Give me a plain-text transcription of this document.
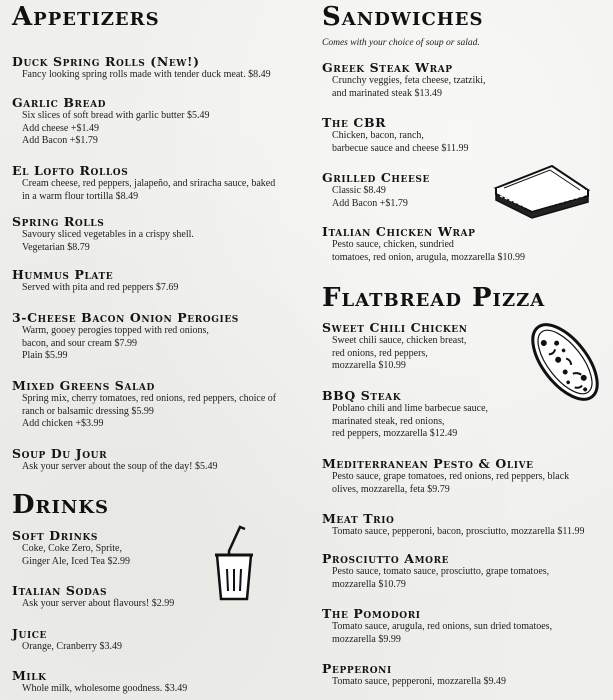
Appetizers
Duck Spring Rolls (New!)
Fancy looking spring rolls made with tender duck meat. $8.49
Garlic Bread
Six slices of soft bread with garlic butter $5.49
Add cheese +$1.49
Add Bacon +$1.79
El Lofto Rollos
Cream cheese, red peppers, jalapeño, and sriracha sauce, baked
in a warm flour tortilla $8.49
Spring Rolls
Savoury sliced vegetables in a crispy shell.
Vegetarian $8.79
Hummus Plate
Served with pita and red peppers $7.69
3-Cheese Bacon Onion Perogies
Warm, gooey perogies topped with red onions,
bacon, and sour cream $7.99
Plain $5.99
Mixed Greens Salad
Spring mix, cherry tomatoes, red onions, red peppers, choice of
ranch or balsamic dressing $5.99
Add chicken +$3.99
Soup Du Jour
Ask your server about the soup of the day! $5.49
Drinks
Soft Drinks
Coke, Coke Zero, Sprite,
Ginger Ale, Iced Tea $2.99
Italian Sodas
Ask your server about flavours! $2.99
Juice
Orange, Cranberry $3.49
Milk
Whole milk, wholesome goodness. $3.49
Sandwiches
Comes with your choice of soup or salad.
Greek Steak Wrap
Crunchy veggies, feta cheese, tzatziki,
and marinated steak $13.49
The CBR
Chicken, bacon, ranch,
barbecue sauce and cheese $11.99
Grilled Cheese
Classic $8.49
Add Bacon +$1.79
Italian Chicken Wrap
Pesto sauce, chicken, sundried
tomatoes, red onion, arugula, mozzarella $10.99
Flatbread Pizza
Sweet Chili Chicken
Sweet chili sauce, chicken breast,
red onions, red peppers,
mozzarella $10.99
BBQ Steak
Poblano chili and lime barbecue sauce,
marinated steak, red onions,
red peppers, mozzarella $12.49
Mediterranean Pesto & Olive
Pesto sauce, grape tomatoes, red onions, red peppers, black
olives, mozzarella, feta $9.79
Meat Trio
Tomato sauce, pepperoni, bacon, prosciutto, mozzarella $11.99
Prosciutto Amore
Pesto sauce, tomato sauce, prosciutto, grape tomatoes,
mozzarella $10.79
The Pomodori
Tomato sauce, arugula, red onions, sun dried tomatoes,
mozzarella $9.99
Pepperoni
Tomato sauce, pepperoni, mozzarella $9.49
